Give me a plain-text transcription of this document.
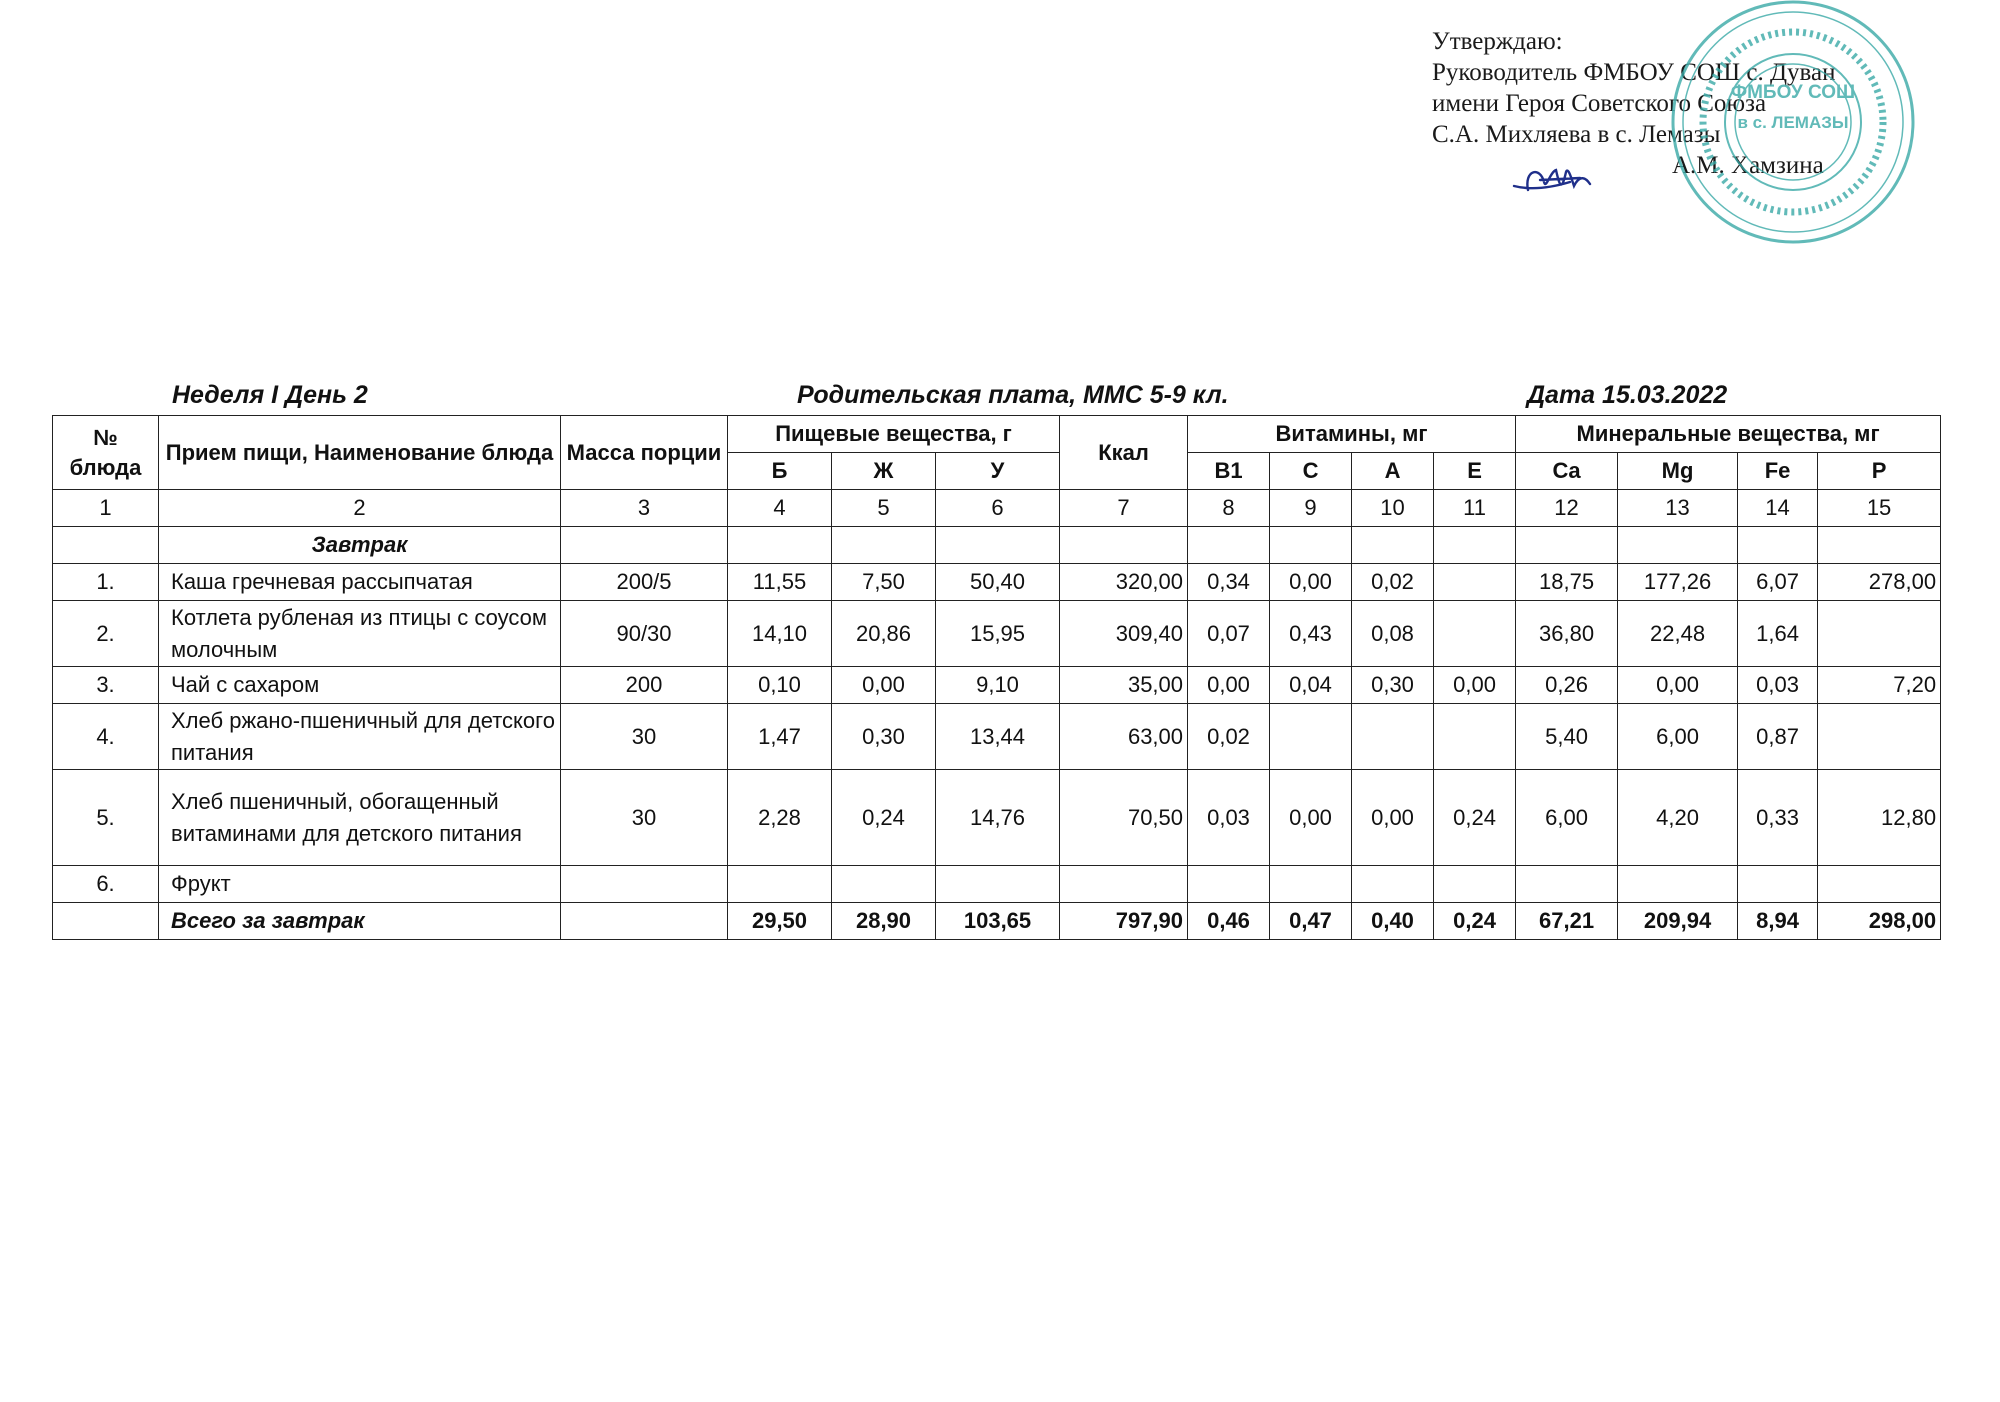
Утверждаю:
Руководитель ФМБОУ СОШ с. Дуван
имени Героя Советского Союза
С.А. Михляева в с. Лемазы
А.М. Хамзина
ФМБОУ СОШ
в с. ЛЕМАЗЫ
Неделя I День 2	Родительская плата, ММС 5-9 кл.	Дата 15.03.2022
№ блюда	Прием пищи, Наименование блюда	Масса порции	Пищевые вещества, г			Ккал	Витамины, мг				Минеральные вещества, мг			
			Б	Ж	У		B1	C	A	E	Ca	Mg	Fe	P
1	2	3	4	5	6	7	8	9	10	11	12	13	14	15
	Завтрак													
1.	Каша гречневая рассыпчатая	200/5	11,55	7,50	50,40	320,00	0,34	0,00	0,02		18,75	177,26	6,07	278,00
2.	Котлета рубленая из птицы с соусом молочным	90/30	14,10	20,86	15,95	309,40	0,07	0,43	0,08		36,80	22,48	1,64	
3.	Чай с сахаром	200	0,10	0,00	9,10	35,00	0,00	0,04	0,30	0,00	0,26	0,00	0,03	7,20
4.	Хлеб ржано-пшеничный для детского питания	30	1,47	0,30	13,44	63,00	0,02				5,40	6,00	0,87	
5.	Хлеб пшеничный, обогащенный витаминами для детского питания	30	2,28	0,24	14,76	70,50	0,03	0,00	0,00	0,24	6,00	4,20	0,33	12,80
6.	Фрукт													
	Всего за завтрак		29,50	28,90	103,65	797,90	0,46	0,47	0,40	0,24	67,21	209,94	8,94	298,00
